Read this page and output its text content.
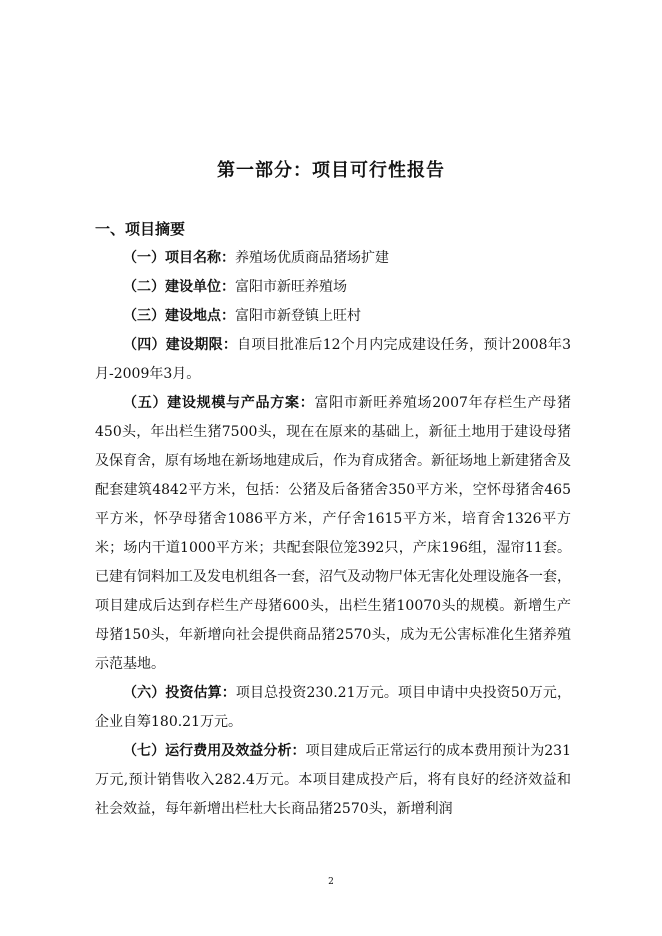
第一部分：项目可行性报告
一、项目摘要

（一）项目名称：养殖场优质商品猪场扩建

（二）建设单位：富阳市新旺养殖场

（三）建设地点：富阳市新登镇上旺村

（四）建设期限：自项目批准后12个月内完成建设任务，预计2008年3月-2009年3月。

（五）建设规模与产品方案：富阳市新旺养殖场2007年存栏生产母猪450头，年出栏生猪7500头，现在在原来的基础上，新征土地用于建设母猪及保育舍，原有场地在新场地建成后，作为育成猪舍。新征场地上新建猪舍及配套建筑4842平方米，包括：公猪及后备猪舍350平方米，空怀母猪舍465平方米，怀孕母猪舍1086平方米，产仔舍1615平方米，培育舍1326平方米；场内干道1000平方米；共配套限位笼392只，产床196组，湿帘11套。已建有饲料加工及发电机组各一套，沼气及动物尸体无害化处理设施各一套，项目建成后达到存栏生产母猪600头，出栏生猪10070头的规模。新增生产母猪150头，年新增向社会提供商品猪2570头，成为无公害标准化生猪养殖示范基地。

（六）投资估算：项目总投资230.21万元。项目申请中央投资50万元，企业自筹180.21万元。

（七）运行费用及效益分析：项目建成后正常运行的成本费用预计为231万元,预计销售收入282.4万元。本项目建成投产后，将有良好的经济效益和社会效益，每年新增出栏杜大长商品猪2570头，新增利润

2
